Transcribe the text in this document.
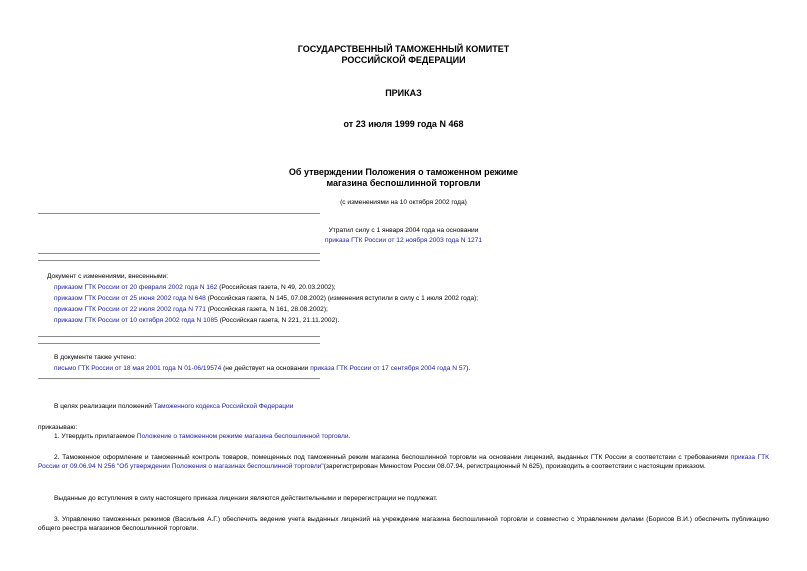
ГОСУДАРСТВЕННЫЙ ТАМОЖЕННЫЙ КОМИТЕТ
РОССИЙСКОЙ ФЕДЕРАЦИИ
ПРИКАЗ
от 23 июля 1999 года N 468
Об утверждении Положения о таможенном режиме
магазина беспошлинной торговли
(с изменениями на 10 октября 2002 года)
Утратил силу с 1 января 2004 года на основании
приказа ГТК России от 12 ноября 2003 года N 1271
Документ с изменениями, внесенными:
приказом ГТК России от 20 февраля 2002 года N 162 (Российская газета, N 49, 20.03.2002);
приказом ГТК России от 25 июня 2002 года N 648 (Российская газета, N 145, 07.08.2002) (изменения вступили в силу с 1 июля 2002 года);
приказом ГТК России от 22 июля 2002 года N 771 (Российская газета, N 161, 28.08.2002);
приказом ГТК России от 10 октября 2002 года N 1085 (Российская газета, N 221, 21.11.2002).
В документе также учтено:
письмо ГТК России от 18 мая 2001 года N 01-06/19574 (не действует на основании приказа ГТК России от 17 сентября 2004 года N 57).
В целях реализации положений Таможенного кодекса Российской Федерации
приказываю:
1. Утвердить прилагаемое Положение о таможенном режиме магазина беспошлинной торговли.
2. Таможенное оформление и таможенный контроль товаров, помещенных под таможенный режим магазина беспошлинной торговли на основании лицензий, выданных ГТК России в соответствии с требованиями приказа ГТК России от 09.06.94 N 256 "Об утверждении Положения о магазинах беспошлинной торговли"(зарегистрирован Минюстом России 08.07.94, регистрационный N 625), производить в соответствии с настоящим приказом.
Выданные до вступления в силу настоящего приказа лицензии являются действительными и перерегистрации не подлежат.
3. Управлению таможенных режимов (Васильев А.Г.) обеспечить ведение учета выданных лицензий на учреждение магазина беспошлинной торговли и совместно с Управлением делами (Борисов В.И.) обеспечить публикацию общего реестра магазинов беспошлинной торговли.
